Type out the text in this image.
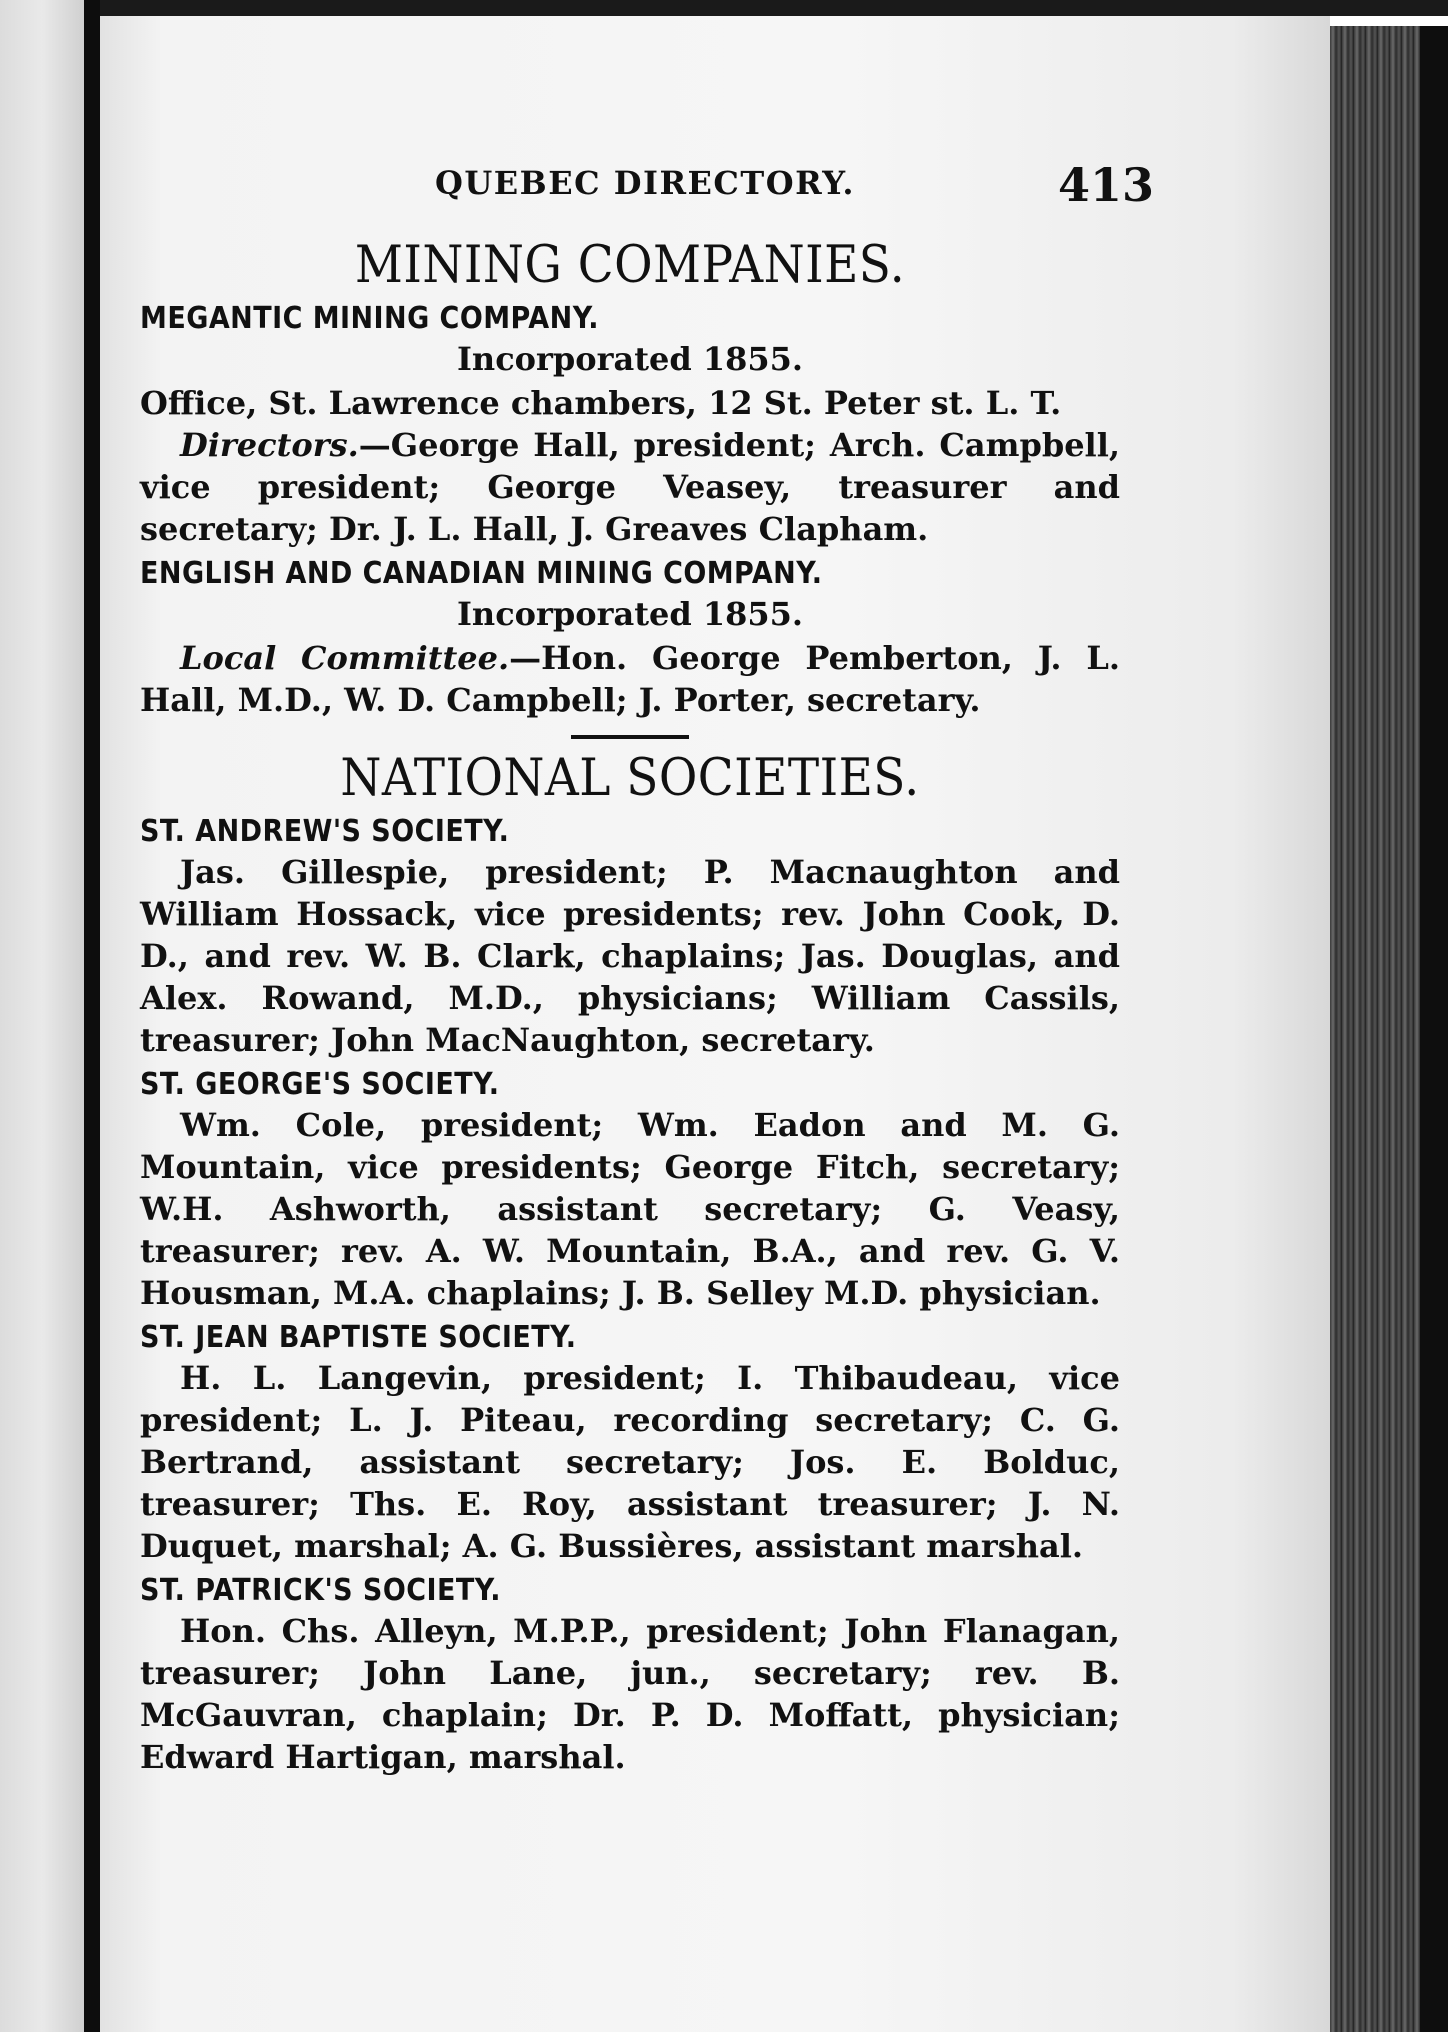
QUEBEC DIRECTORY.	413
MINING COMPANIES.
MEGANTIC MINING COMPANY.
Incorporated 1855.

Office, St. Lawrence chambers, 12 St. Peter st. L. T.

Directors.—George Hall, president; Arch. Campbell, vice president; George Veasey, treasurer and secretary; Dr. J. L. Hall, J. Greaves Clapham.

ENGLISH AND CANADIAN MINING COMPANY.
Incorporated 1855.

Local Committee.—Hon. George Pemberton, J. L. Hall, M.D., W. D. Campbell; J. Porter, secretary.

NATIONAL SOCIETIES.
ST. ANDREW'S SOCIETY.

Jas. Gillespie, president; P. Macnaughton and William Hossack, vice presidents; rev. John Cook, D. D., and rev. W. B. Clark, chaplains; Jas. Douglas, and Alex. Rowand, M.D., physicians; William Cassils, treasurer; John MacNaughton, secretary.

ST. GEORGE'S SOCIETY.

Wm. Cole, president; Wm. Eadon and M. G. Mountain, vice presidents; George Fitch, secretary; W.H. Ashworth, assistant secretary; G. Veasy, treasurer; rev. A. W. Mountain, B.A., and rev. G. V. Housman, M.A. chaplains; J. B. Selley M.D. physician.

ST. JEAN BAPTISTE SOCIETY.

H. L. Langevin, president; I. Thibaudeau, vice president; L. J. Piteau, recording secretary; C. G. Bertrand, assistant secretary; Jos. E. Bolduc, treasurer; Ths. E. Roy, assistant treasurer; J. N. Duquet, marshal; A. G. Bussières, assistant marshal.

ST. PATRICK'S SOCIETY.

Hon. Chs. Alleyn, M.P.P., president; John Flanagan, treasurer; John Lane, jun., secretary; rev. B. McGauvran, chaplain; Dr. P. D. Moffatt, physician; Edward Hartigan, marshal.
